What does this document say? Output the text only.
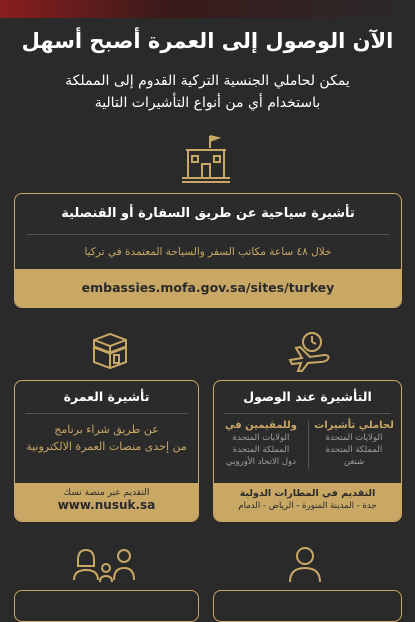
الآن الوصول إلى العمرة أصبح أسهل
يمكن لحاملي الجنسية التركية القدوم إلى المملكة
باستخدام أي من أنواع التأشيرات التالية
تأشيرة سياحية عن طريق السفارة أو القنصلية
خلال ٤٨ ساعة مكاتب السفر والسياحة المعتمدة في تركيا
embassies.mofa.gov.sa/sites/turkey
تأشيرة العمرة
عن طريق شراء برنامج
من إحدى منصات العمرة الالكترونية
التقديم عبر منصة نسك
www.nusuk.sa
التأشيرة عند الوصول
لحاملي تأشيرات
الولايات المتحدة
المملكة المتحدة
شنغن
وللمقيمين في
الولايات المتحدة
المملكة المتحدة
دول الاتحاد الأوروبي
التقديم في المطارات الدولية
جدة - المدينة المنورة - الرياض - الدمام
